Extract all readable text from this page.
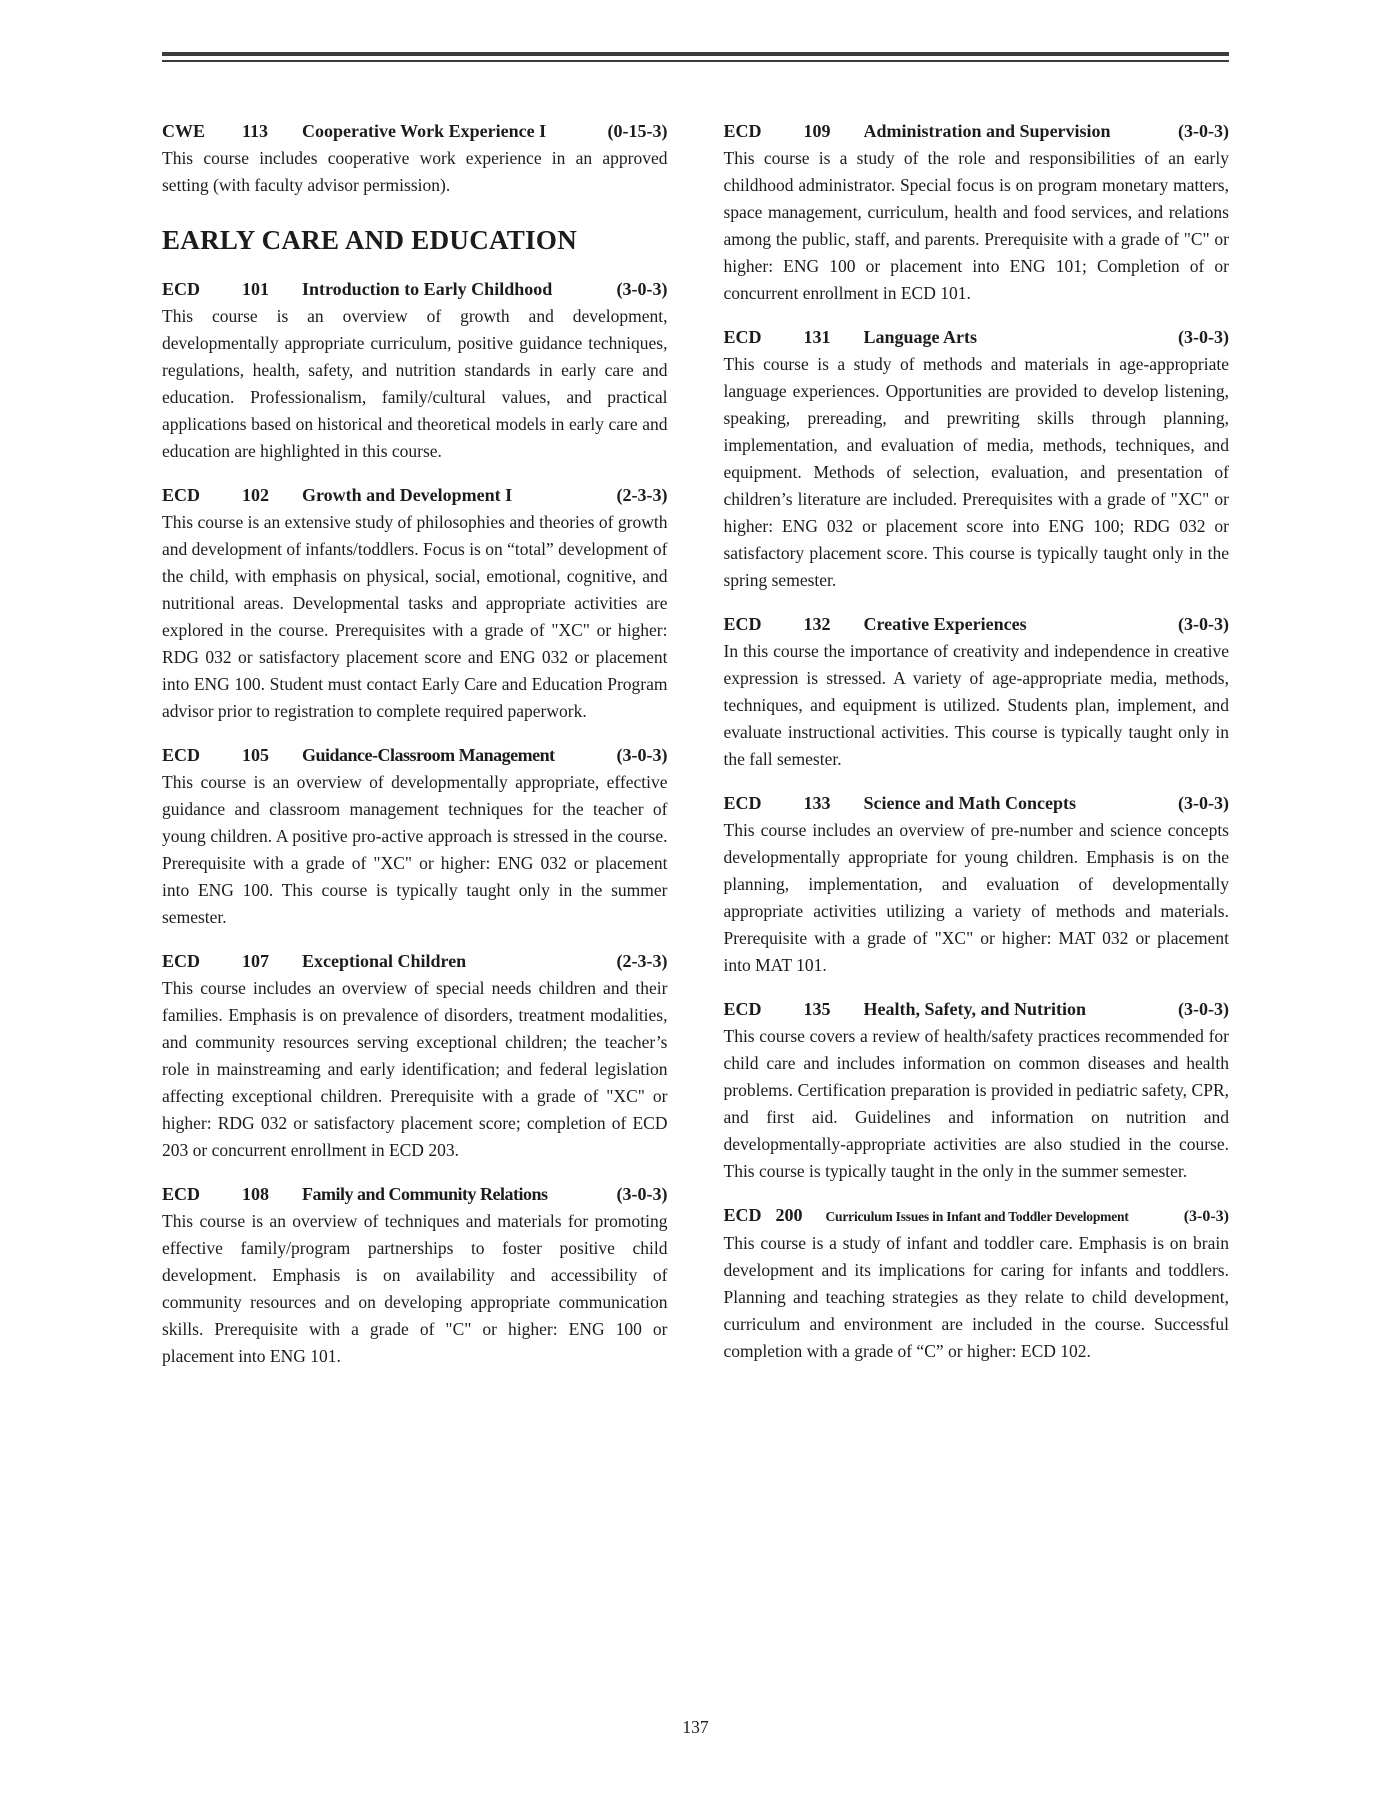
CWE	113	Cooperative Work Experience I	(0-15-3)

This course includes cooperative work experience in an approved setting (with faculty advisor permission).

EARLY CARE AND EDUCATION
ECD	101	Introduction to Early Childhood	(3-0-3)

This course is an overview of growth and development, developmentally appropriate curriculum, positive guidance techniques, regulations, health, safety, and nutrition standards in early care and education. Professionalism, family/cultural values, and practical applications based on historical and theoretical models in early care and education are highlighted in this course.

ECD	102	Growth and Development I	(2-3-3)

This course is an extensive study of philosophies and theories of growth and development of infants/toddlers. Focus is on “total” development of the child, with emphasis on physical, social, emotional, cognitive, and nutritional areas. Developmental tasks and appropriate activities are explored in the course. Prerequisites with a grade of "XC" or higher: RDG 032 or satisfactory placement score and ENG 032 or placement into ENG 100. Student must contact Early Care and Education Program advisor prior to registration to complete required paperwork.

ECD	105	Guidance-Classroom Management	(3-0-3)

This course is an overview of developmentally appropriate, effective guidance and classroom management techniques for the teacher of young children. A positive pro-active approach is stressed in the course. Prerequisite with a grade of "XC" or higher: ENG 032 or placement into ENG 100. This course is typically taught only in the summer semester.

ECD	107	Exceptional Children	(2-3-3)

This course includes an overview of special needs children and their families. Emphasis is on prevalence of disorders, treatment modalities, and community resources serving exceptional children; the teacher’s role in mainstreaming and early identification; and federal legislation affecting exceptional children. Prerequisite with a grade of "XC" or higher: RDG 032 or satisfactory placement score; completion of ECD 203 or concurrent enrollment in ECD 203.

ECD	108	Family and Community Relations	(3-0-3)

This course is an overview of techniques and materials for promoting effective family/program partnerships to foster positive child development. Emphasis is on availability and accessibility of community resources and on developing appropriate communication skills. Prerequisite with a grade of "C" or higher: ENG 100 or placement into ENG 101.

ECD	109	Administration and Supervision	(3-0-3)

This course is a study of the role and responsibilities of an early childhood administrator. Special focus is on program monetary matters, space management, curriculum, health and food services, and relations among the public, staff, and parents. Prerequisite with a grade of "C" or higher: ENG 100 or placement into ENG 101; Completion of or concurrent enrollment in ECD 101.

ECD	131	Language Arts	(3-0-3)

This course is a study of methods and materials in age-appropriate language experiences. Opportunities are provided to develop listening, speaking, prereading, and prewriting skills through planning, implementation, and evaluation of media, methods, techniques, and equipment. Methods of selection, evaluation, and presentation of children’s literature are included. Prerequisites with a grade of "XC" or higher: ENG 032 or placement score into ENG 100; RDG 032 or satisfactory placement score. This course is typically taught only in the spring semester.

ECD	132	Creative Experiences	(3-0-3)

In this course the importance of creativity and independence in creative expression is stressed. A variety of age-appropriate media, methods, techniques, and equipment is utilized. Students plan, implement, and evaluate instructional activities. This course is typically taught only in the fall semester.

ECD	133	Science and Math Concepts	(3-0-3)

This course includes an overview of pre-number and science concepts developmentally appropriate for young children. Emphasis is on the planning, implementation, and evaluation of developmentally appropriate activities utilizing a variety of methods and materials. Prerequisite with a grade of "XC" or higher: MAT 032 or placement into MAT 101.

ECD	135	Health, Safety, and Nutrition	(3-0-3)

This course covers a review of health/safety practices recommended for child care and includes information on common diseases and health problems. Certification preparation is provided in pediatric safety, CPR, and first aid. Guidelines and information on nutrition and developmentally-appropriate activities are also studied in the course. This course is typically taught in the only in the summer semester.

ECD 200	Curriculum Issues in Infant and Toddler Development	(3-0-3)

This course is a study of infant and toddler care. Emphasis is on brain development and its implications for caring for infants and toddlers. Planning and teaching strategies as they relate to child development, curriculum and environment are included in the course. Successful completion with a grade of “C” or higher: ECD 102.

137
